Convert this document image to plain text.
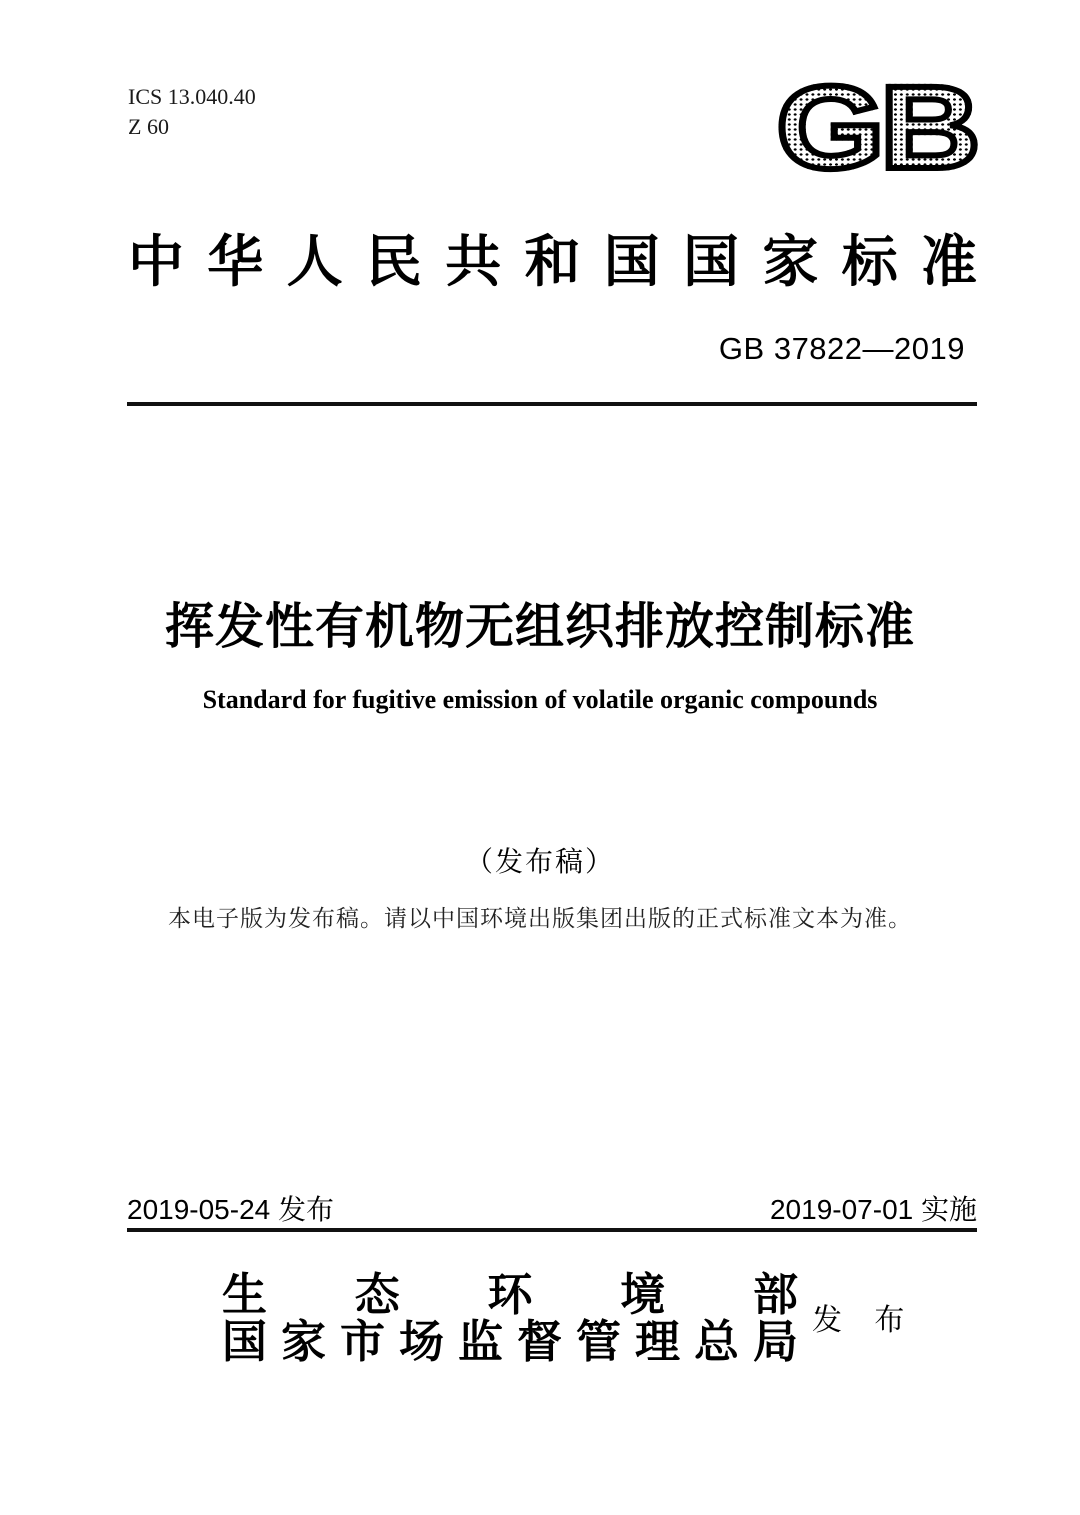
ICS 13.040.40
Z 60	GB
中华人民共和国国家标准
GB 37822—2019
挥发性有机物无组织排放控制标准
Standard for fugitive emission of volatile organic compounds
（发布稿）
本电子版为发布稿。请以中国环境出版集团出版的正式标准文本为准。
2019-05-24 发布	2019-07-01 实施
生态环境部
国家市场监督管理总局 发 布
